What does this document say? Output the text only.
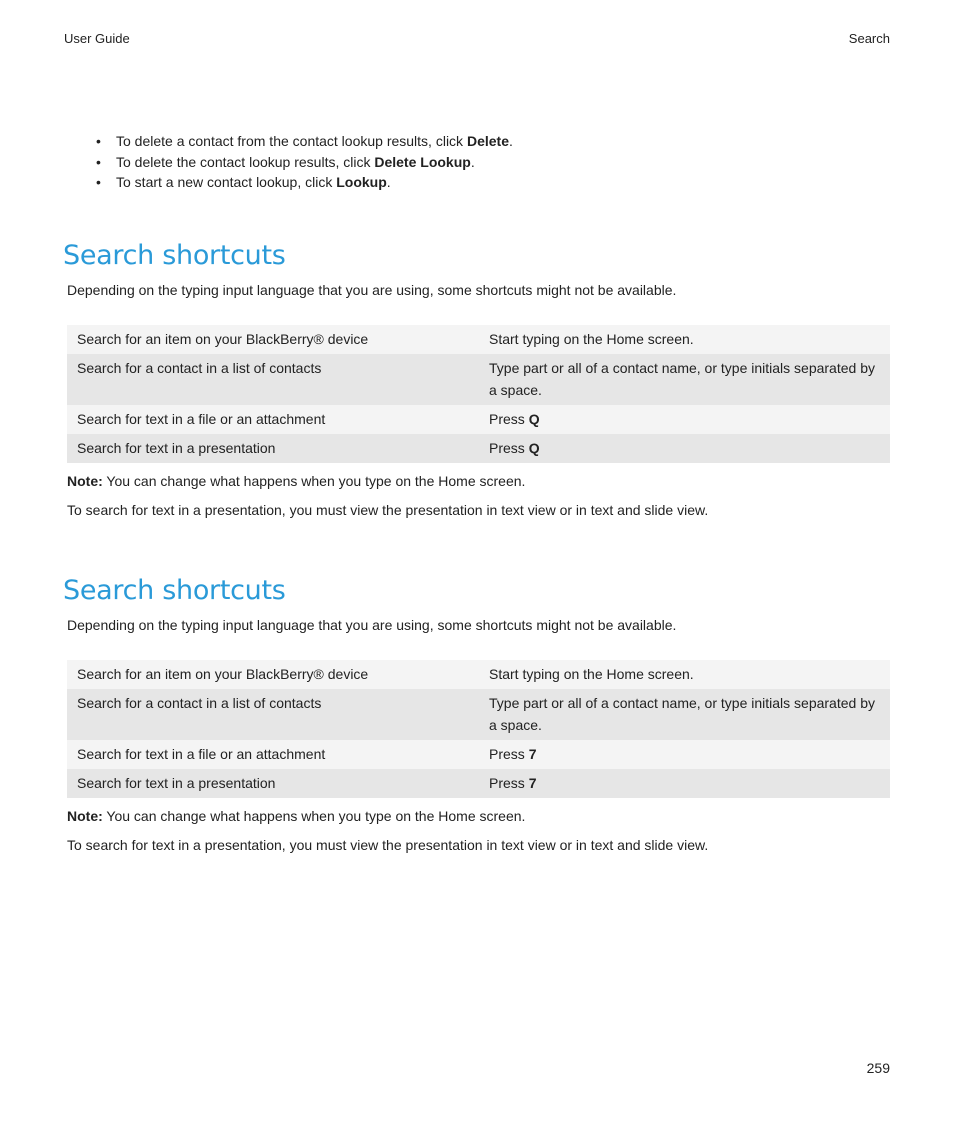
User Guide	Search
• To delete a contact from the contact lookup results, click Delete.
• To delete the contact lookup results, click Delete Lookup.
• To start a new contact lookup, click Lookup.
Search shortcuts

Depending on the typing input language that you are using, some shortcuts might not be available.

Search for an item on your BlackBerry® device	Start typing on the Home screen.
Search for a contact in a list of contacts	Type part or all of a contact name, or type initials separated by a space.
Search for text in a file or an attachment	Press Q
Search for text in a presentation	Press Q

Note: You can change what happens when you type on the Home screen.

To search for text in a presentation, you must view the presentation in text view or in text and slide view.

Search shortcuts

Depending on the typing input language that you are using, some shortcuts might not be available.

Search for an item on your BlackBerry® device	Start typing on the Home screen.
Search for a contact in a list of contacts	Type part or all of a contact name, or type initials separated by a space.
Search for text in a file or an attachment	Press 7
Search for text in a presentation	Press 7

Note: You can change what happens when you type on the Home screen.

To search for text in a presentation, you must view the presentation in text view or in text and slide view.

259
